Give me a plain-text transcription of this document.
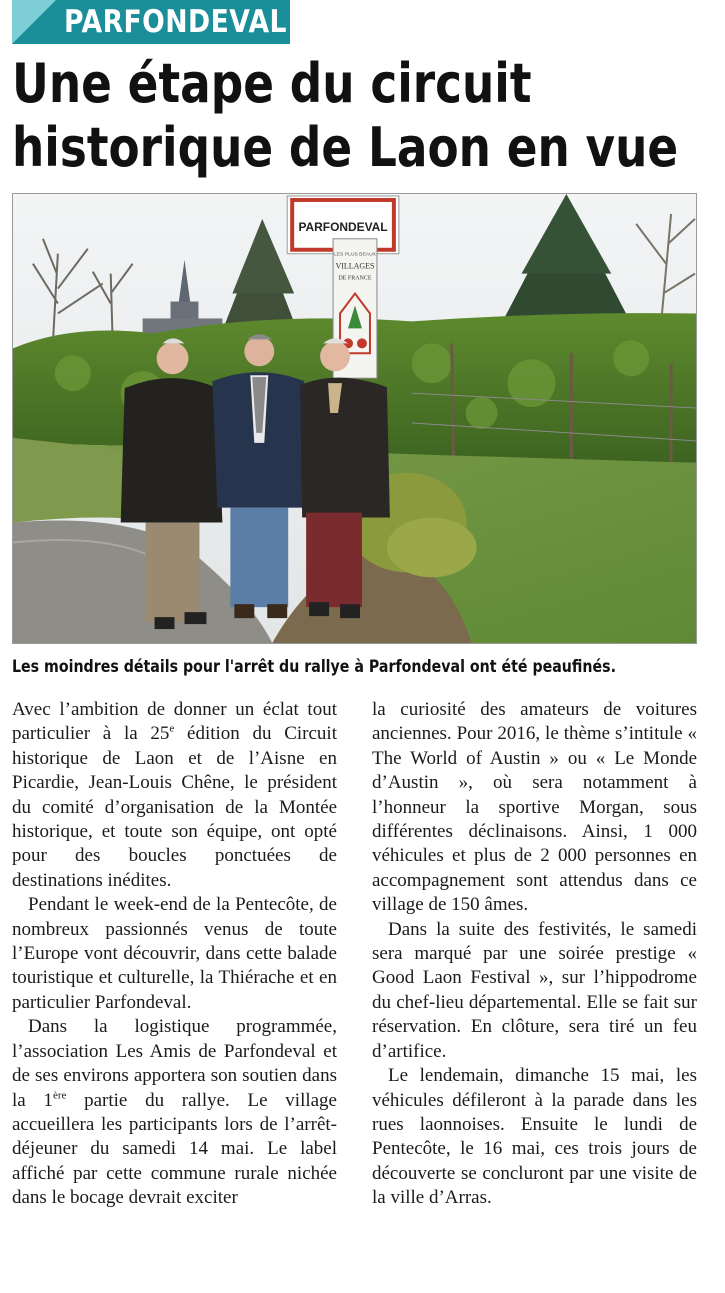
PARFONDEVAL
Une étape du circuit
historique de Laon en vue
PARFONDEVAL
LES PLUS BEAUX
VILLAGES
DE FRANCE
Les moindres détails pour l'arrêt du rallye à Parfondeval ont été peaufinés.

Avec l’ambition de donner un éclat tout particulier à la 25e édition du Circuit historique de Laon et de l’Aisne en Picardie, Jean-Louis Chêne, le président du comité d’organisation de la Montée historique, et toute son équipe, ont opté pour des boucles ponctuées de destinations inédites.

Pendant le week-end de la Pentecôte, de nombreux passionnés venus de toute l’Europe vont découvrir, dans cette balade touristique et culturelle, la Thiérache et en particulier Parfondeval.

Dans la logistique programmée, l’association Les Amis de Parfondeval et de ses environs apportera son soutien dans la 1ère partie du rallye. Le village accueillera les participants lors de l’arrêt-déjeuner du samedi 14 mai. Le label affiché par cette commune rurale nichée dans le bocage devrait exciter

la curiosité des amateurs de voitures anciennes. Pour 2016, le thème s’intitule « The World of Austin » ou « Le Monde d’Austin », où sera notamment à l’honneur la sportive Morgan, sous différentes déclinaisons. Ainsi, 1 000 véhicules et plus de 2 000 personnes en accompagnement sont attendus dans ce village de 150 âmes.

Dans la suite des festivités, le samedi sera marqué par une soirée prestige « Good Laon Festival », sur l’hippodrome du chef-lieu départemental. Elle se fait sur réservation. En clôture, sera tiré un feu d’artifice.

Le lendemain, dimanche 15 mai, les véhicules défileront à la parade dans les rues laonnoises. Ensuite le lundi de Pentecôte, le 16 mai, ces trois jours de découverte se concluront par une visite de la ville d’Arras.
